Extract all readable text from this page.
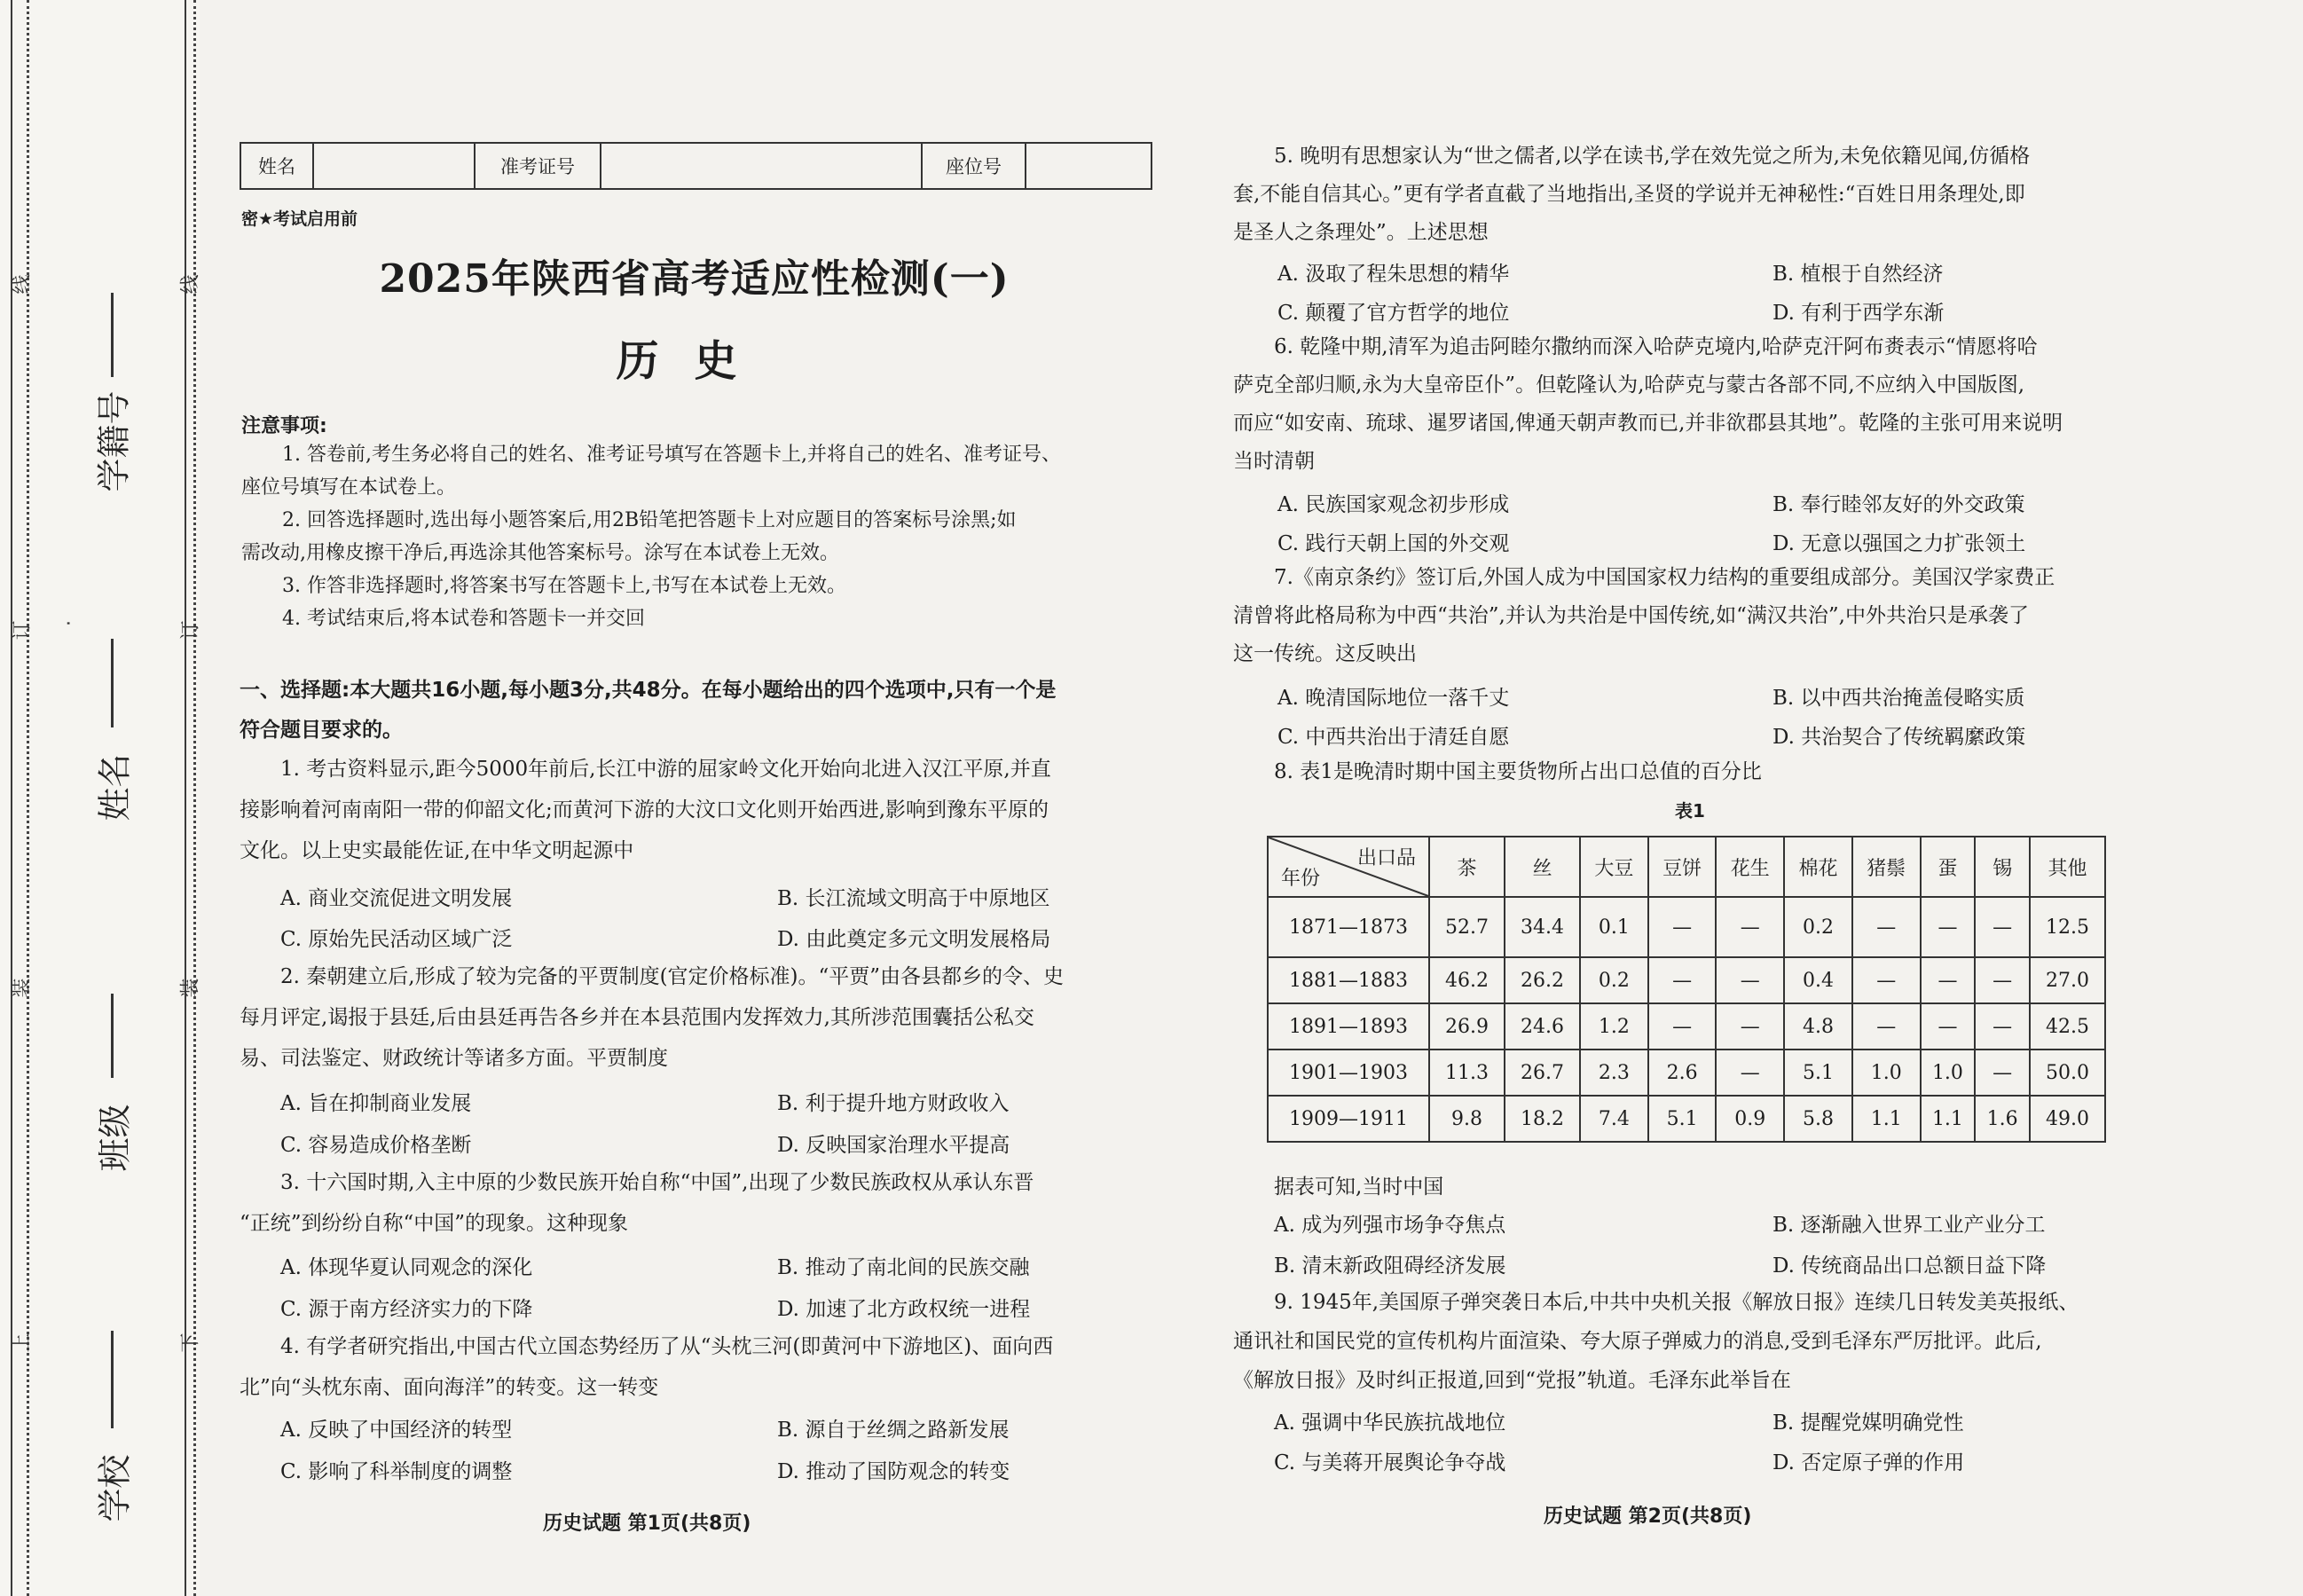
线
订
装
上
线
订
装
下
·
学籍号
姓名
班级
学校
姓名	准考证号	座位号
密★考试启用前
2025年陕西省高考适应性检测(一)
历史
注意事项:
1. 答卷前,考生务必将自己的姓名、准考证号填写在答题卡上,并将自己的姓名、准考证号、
座位号填写在本试卷上。
2. 回答选择题时,选出每小题答案后,用2B铅笔把答题卡上对应题目的答案标号涂黑;如
需改动,用橡皮擦干净后,再选涂其他答案标号。涂写在本试卷上无效。
3. 作答非选择题时,将答案书写在答题卡上,书写在本试卷上无效。
4. 考试结束后,将本试卷和答题卡一并交回
一、选择题:本大题共16小题,每小题3分,共48分。在每小题给出的四个选项中,只有一个是
符合题目要求的。
1. 考古资料显示,距今5000年前后,长江中游的屈家岭文化开始向北进入汉江平原,并直
接影响着河南南阳一带的仰韶文化;而黄河下游的大汶口文化则开始西进,影响到豫东平原的
文化。以上史实最能佐证,在中华文明起源中
A. 商业交流促进文明发展	B. 长江流域文明高于中原地区
C. 原始先民活动区域广泛	D. 由此奠定多元文明发展格局
2. 秦朝建立后,形成了较为完备的平贾制度(官定价格标准)。“平贾”由各县都乡的令、史
每月评定,谒报于县廷,后由县廷再告各乡并在本县范围内发挥效力,其所涉范围囊括公私交
易、司法鉴定、财政统计等诸多方面。平贾制度
A. 旨在抑制商业发展	B. 利于提升地方财政收入
C. 容易造成价格垄断	D. 反映国家治理水平提高
3. 十六国时期,入主中原的少数民族开始自称“中国”,出现了少数民族政权从承认东晋
“正统”到纷纷自称“中国”的现象。这种现象
A. 体现华夏认同观念的深化	B. 推动了南北间的民族交融
C. 源于南方经济实力的下降	D. 加速了北方政权统一进程
4. 有学者研究指出,中国古代立国态势经历了从“头枕三河(即黄河中下游地区)、面向西
北”向“头枕东南、面向海洋”的转变。这一转变
A. 反映了中国经济的转型	B. 源自于丝绸之路新发展
C. 影响了科举制度的调整	D. 推动了国防观念的转变
历史试题 第1页(共8页)
5. 晚明有思想家认为“世之儒者,以学在读书,学在效先觉之所为,未免依籍见闻,仿循格
套,不能自信其心。”更有学者直截了当地指出,圣贤的学说并无神秘性:“百姓日用条理处,即
是圣人之条理处”。上述思想
A. 汲取了程朱思想的精华	B. 植根于自然经济
C. 颠覆了官方哲学的地位	D. 有利于西学东渐
6. 乾隆中期,清军为追击阿睦尔撒纳而深入哈萨克境内,哈萨克汗阿布赉表示“情愿将哈
萨克全部归顺,永为大皇帝臣仆”。但乾隆认为,哈萨克与蒙古各部不同,不应纳入中国版图,
而应“如安南、琉球、暹罗诸国,俾通天朝声教而已,并非欲郡县其地”。乾隆的主张可用来说明
当时清朝
A. 民族国家观念初步形成	B. 奉行睦邻友好的外交政策
C. 践行天朝上国的外交观	D. 无意以强国之力扩张领土
7.《南京条约》签订后,外国人成为中国国家权力结构的重要组成部分。美国汉学家费正
清曾将此格局称为中西“共治”,并认为共治是中国传统,如“满汉共治”,中外共治只是承袭了
这一传统。这反映出
A. 晚清国际地位一落千丈	B. 以中西共治掩盖侵略实质
C. 中西共治出于清廷自愿	D. 共治契合了传统羁縻政策
8. 表1是晚清时期中国主要货物所占出口总值的百分比
表1
出口品
年份	茶	丝	大豆	豆饼	花生	棉花	猪鬃	蛋	锡	其他
1871—1873	52.7	34.4	0.1	—	—	0.2	—	—	—	12.5
1881—1883	46.2	26.2	0.2	—	—	0.4	—	—	—	27.0
1891—1893	26.9	24.6	1.2	—	—	4.8	—	—	—	42.5
1901—1903	11.3	26.7	2.3	2.6	—	5.1	1.0	1.0	—	50.0
1909—1911	9.8	18.2	7.4	5.1	0.9	5.8	1.1	1.1	1.6	49.0
据表可知,当时中国
A. 成为列强市场争夺焦点	B. 逐渐融入世界工业产业分工
B. 清末新政阻碍经济发展	D. 传统商品出口总额日益下降
9. 1945年,美国原子弹突袭日本后,中共中央机关报《解放日报》连续几日转发美英报纸、
通讯社和国民党的宣传机构片面渲染、夸大原子弹威力的消息,受到毛泽东严厉批评。此后,
《解放日报》及时纠正报道,回到“党报”轨道。毛泽东此举旨在
A. 强调中华民族抗战地位	B. 提醒党媒明确党性
C. 与美蒋开展舆论争夺战	D. 否定原子弹的作用
历史试题 第2页(共8页)
